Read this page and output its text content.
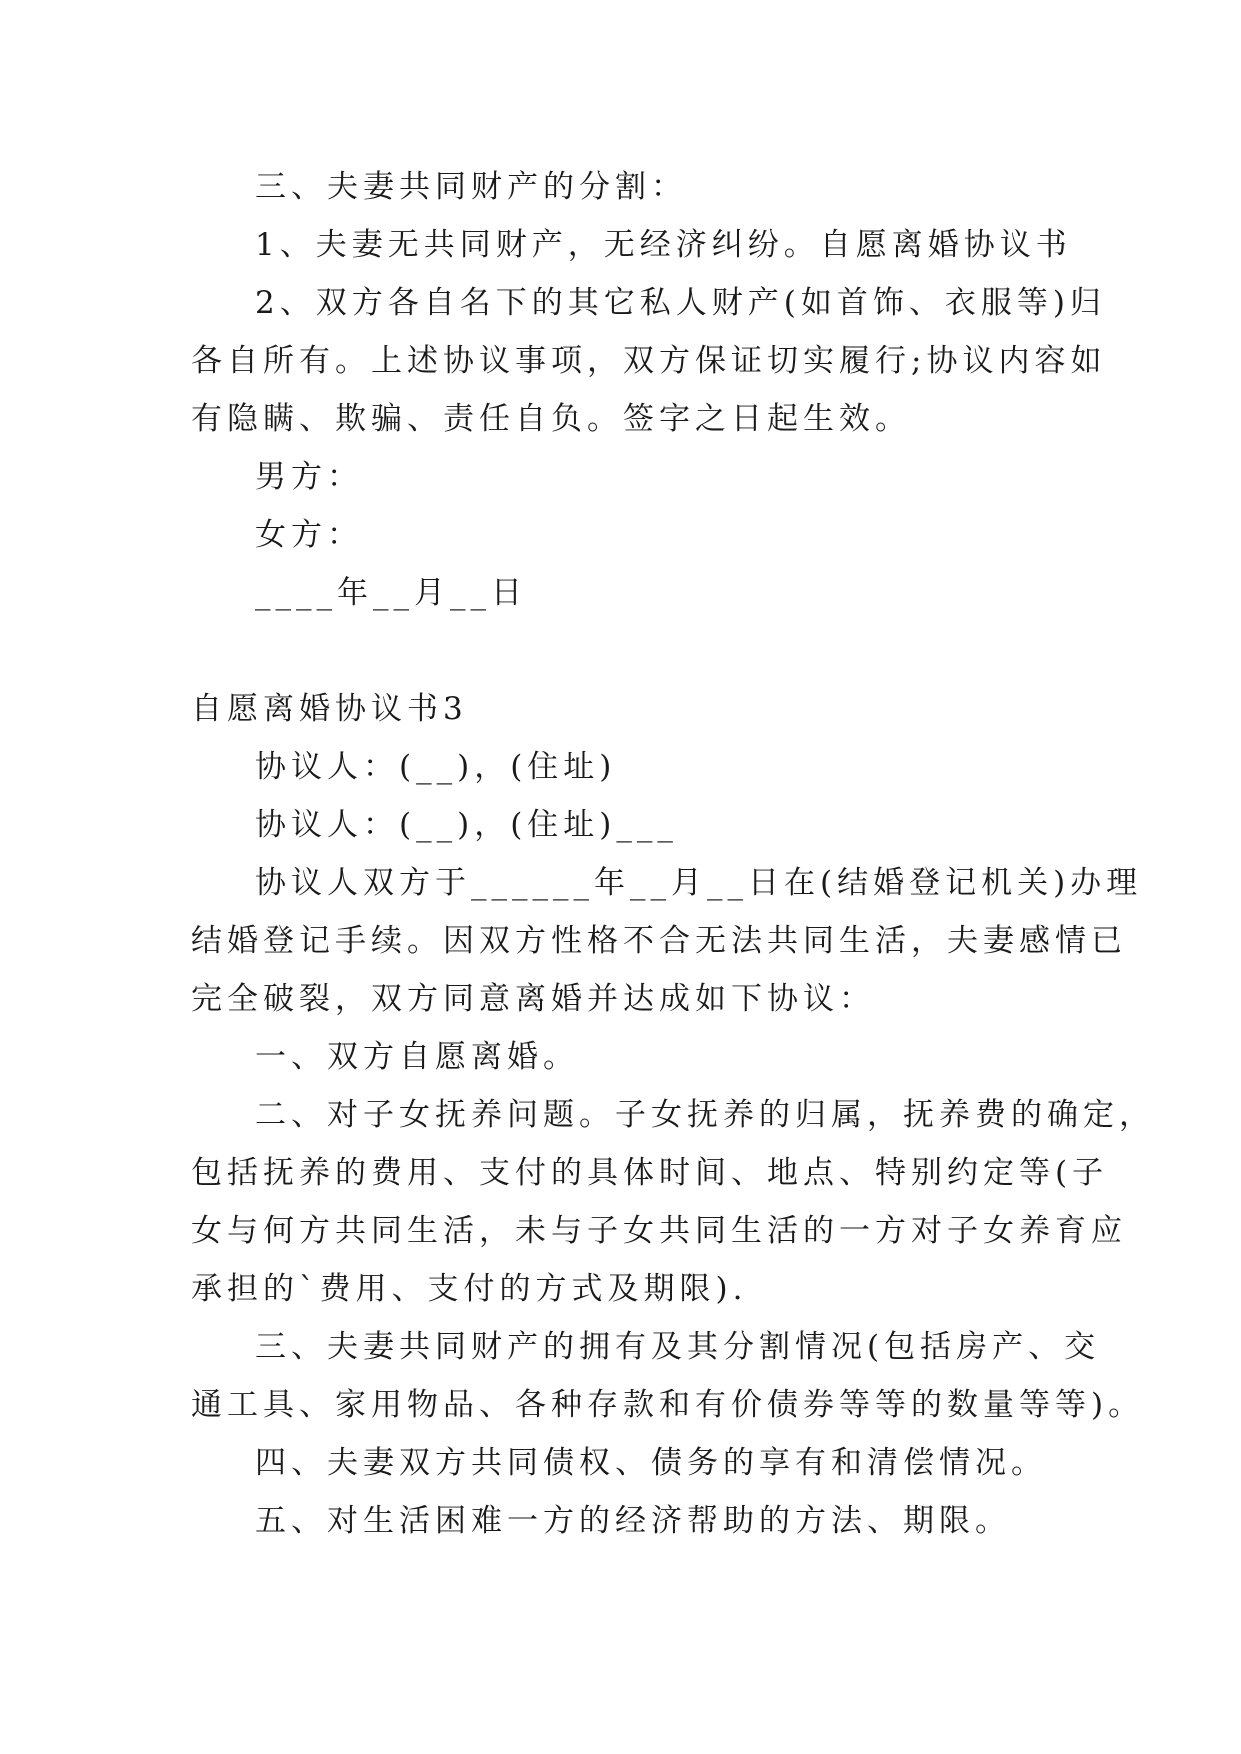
三、夫妻共同财产的分割：

1、夫妻无共同财产，无经济纠纷。自愿离婚协议书

2、双方各自名下的其它私人财产(如首饰、衣服等)归

各自所有。上述协议事项，双方保证切实履行;协议内容如

有隐瞒、欺骗、责任自负。签字之日起生效。

男方：

女方：

____年__月__日

自愿离婚协议书3

协议人：(__)，(住址)

协议人：(__)，(住址)___

协议人双方于______年__月__日在(结婚登记机关)办理

结婚登记手续。因双方性格不合无法共同生活，夫妻感情已

完全破裂，双方同意离婚并达成如下协议：

一、双方自愿离婚。

二、对子女抚养问题。子女抚养的归属，抚养费的确定，

包括抚养的费用、支付的具体时间、地点、特别约定等(子

女与何方共同生活，未与子女共同生活的一方对子女养育应

承担的`费用、支付的方式及期限).

三、夫妻共同财产的拥有及其分割情况(包括房产、交

通工具、家用物品、各种存款和有价债券等等的数量等等)。

四、夫妻双方共同债权、债务的享有和清偿情况。

五、对生活困难一方的经济帮助的方法、期限。
